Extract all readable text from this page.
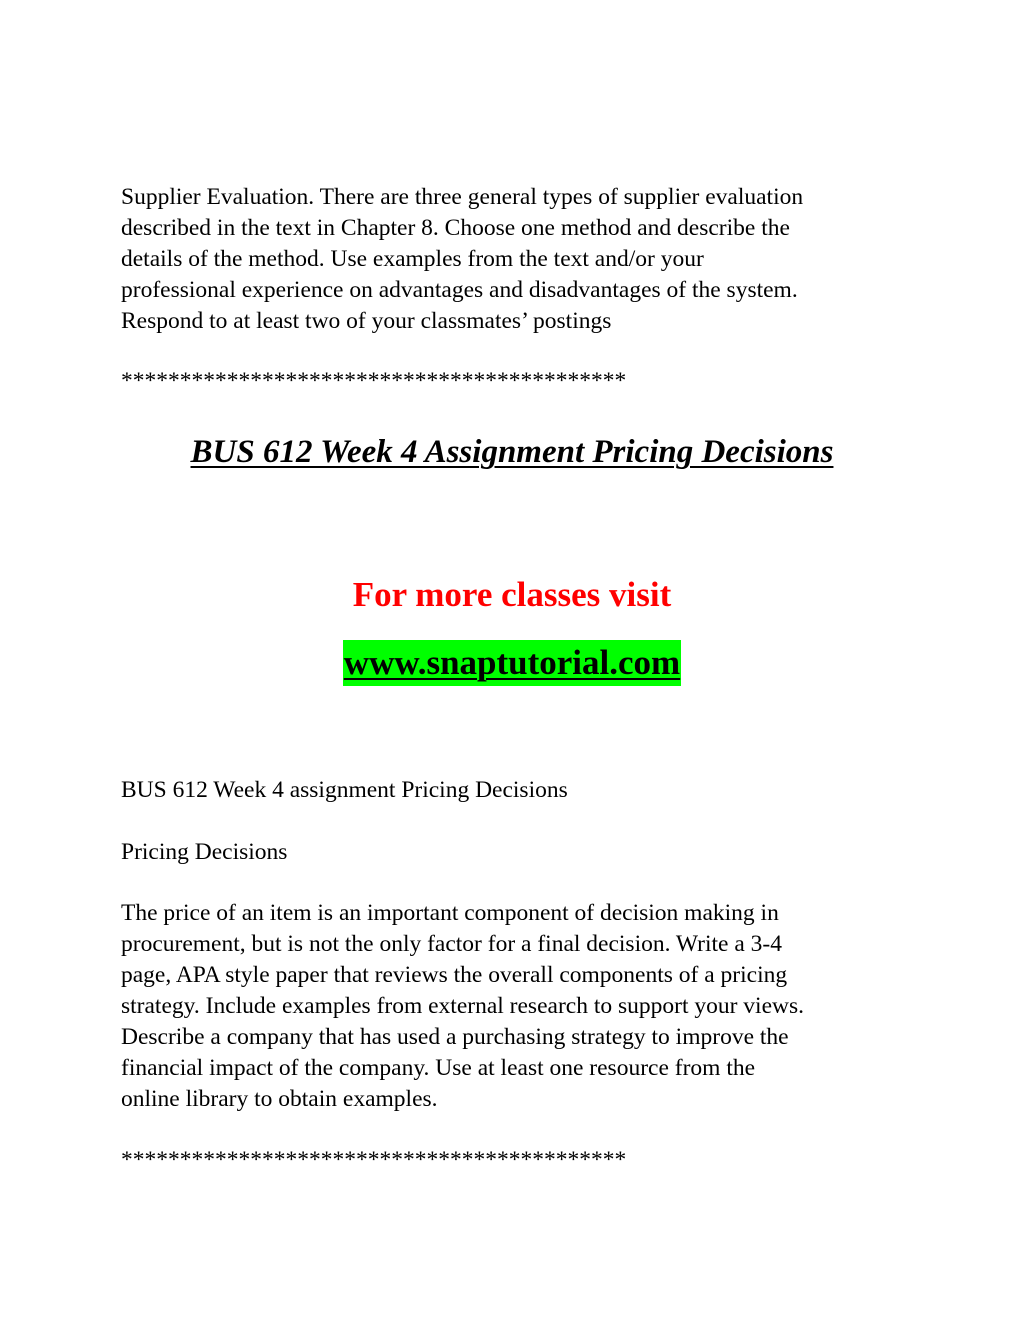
Supplier Evaluation. There are three general types of supplier evaluation
described in the text in Chapter 8. Choose one method and describe the
details of the method. Use examples from the text and/or your
professional experience on advantages and disadvantages of the system.
Respond to at least two of your classmates’ postings

*******************************************

BUS 612 Week 4 Assignment Pricing Decisions

For more classes visit

www.snaptutorial.com

BUS 612 Week 4 assignment Pricing Decisions

Pricing Decisions

The price of an item is an important component of decision making in
procurement, but is not the only factor for a final decision. Write a 3-4
page, APA style paper that reviews the overall components of a pricing
strategy. Include examples from external research to support your views.
Describe a company that has used a purchasing strategy to improve the
financial impact of the company. Use at least one resource from the
online library to obtain examples.

*******************************************
